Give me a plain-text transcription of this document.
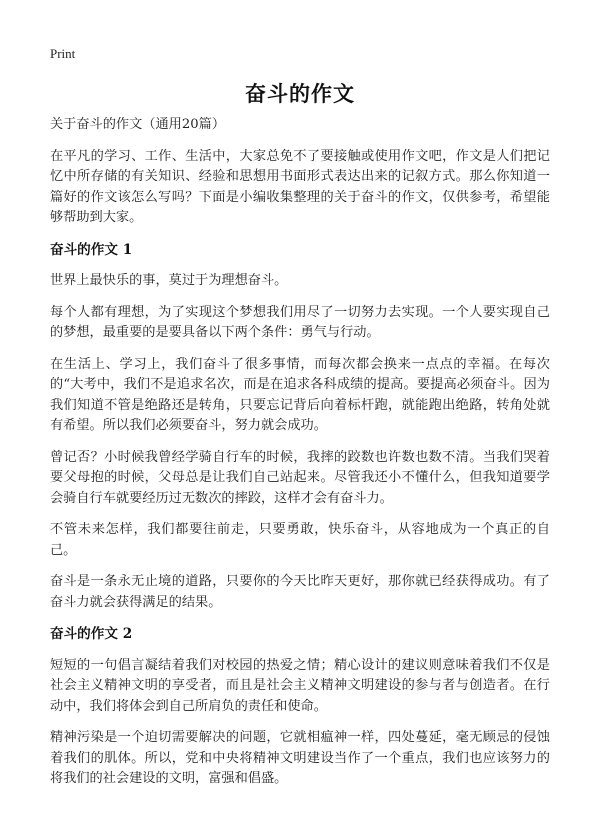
Print
奋斗的作文

关于奋斗的作文（通用20篇）

在平凡的学习、工作、生活中，大家总免不了要接触或使用作文吧，作文是人们把记忆中所存储的有关知识、经验和思想用书面形式表达出来的记叙方式。那么你知道一篇好的作文该怎么写吗？下面是小编收集整理的关于奋斗的作文，仅供参考，希望能够帮助到大家。

奋斗的作文 1

世界上最快乐的事，莫过于为理想奋斗。

每个人都有理想，为了实现这个梦想我们用尽了一切努力去实现。一个人要实现自己的梦想，最重要的是要具备以下两个条件：勇气与行动。

在生活上、学习上，我们奋斗了很多事情，而每次都会换来一点点的幸福。在每次的“大考中，我们不是追求名次，而是在追求各科成绩的提高。要提高必须奋斗。因为我们知道不管是绝路还是转角，只要忘记背后向着标杆跑，就能跑出绝路，转角处就有希望。所以我们必须要奋斗，努力就会成功。

曾记否？小时候我曾经学骑自行车的时候，我摔的跤数也许数也数不清。当我们哭着要父母抱的时候，父母总是让我们自己站起来。尽管我还小不懂什么，但我知道要学会骑自行车就要经历过无数次的摔跤，这样才会有奋斗力。

不管未来怎样，我们都要往前走，只要勇敢，快乐奋斗，从容地成为一个真正的自己。

奋斗是一条永无止境的道路，只要你的今天比昨天更好，那你就已经获得成功。有了奋斗力就会获得满足的结果。

奋斗的作文 2

短短的一句倡言凝结着我们对校园的热爱之情；精心设计的建议则意味着我们不仅是社会主义精神文明的享受者，而且是社会主义精神文明建设的参与者与创造者。在行动中，我们将体会到自己所肩负的责任和使命。

精神污染是一个迫切需要解决的问题，它就相瘟神一样，四处蔓延，毫无顾忌的侵蚀着我们的肌体。所以，党和中央将精神文明建设当作了一个重点，我们也应该努力的将我们的社会建设的文明，富强和倡盛。
